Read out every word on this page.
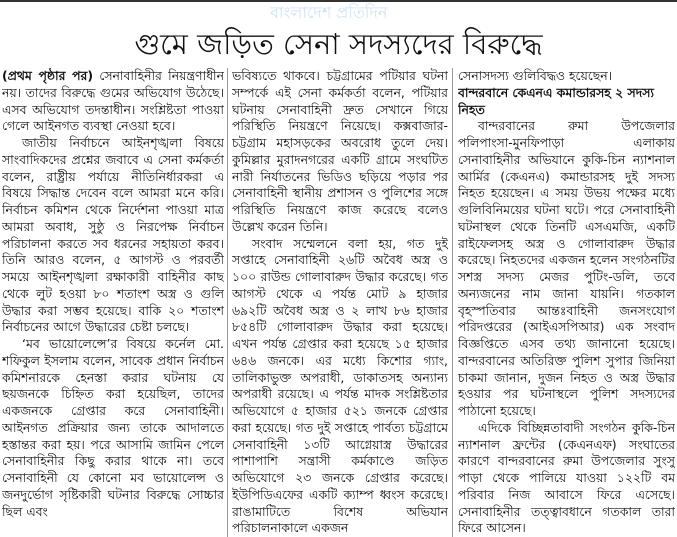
বাংলাদেশ প্রতিদিন
গুমে জড়িত সেনা সদস্যদের বিরুদ্ধে

(প্রথম পৃষ্ঠার পর) সেনাবাহিনীর নিয়ন্ত্রণাধীন নয়। তাদের বিরুদ্ধে গুমের অভিযোগ উঠেছে। এসব অভিযোগ তদন্তাধীন। সংশ্লিষ্টতা পাওয়া গেলে আইনগত ব্যবস্থা নেওয়া হবে।

জাতীয় নির্বাচনে আইনশৃঙ্খলা বিষয়ে সাংবাদিকদের প্রশ্নের জবাবে এ সেনা কর্মকর্তা বলেন, রাষ্ট্রীয় পর্যায়ে নীতিনির্ধারকরা এ বিষয়ে সিদ্ধান্ত দেবেন বলে আমরা মনে করি। নির্বাচন কমিশন থেকে নির্দেশনা পাওয়া মাত্র আমরা অবাধ, সুষ্ঠু ও নিরপেক্ষ নির্বাচন পরিচালনা করতে সব ধরনের সহায়তা করব। তিনি আরও বলেন, ৫ আগস্ট ও পরবর্তী সময়ে আইনশৃঙ্খলা রক্ষাকারী বাহিনীর কাছ থেকে লুট হওয়া ৮০ শতাংশ অস্ত্র ও গুলি উদ্ধার করা সম্ভব হয়েছে। বাকি ২০ শতাংশ নির্বাচনের আগে উদ্ধারের চেষ্টা চলছে।

‘মব ভায়োলেন্সে’র বিষয়ে কর্নেল মো. শফিকুল ইসলাম বলেন, সাবেক প্রধান নির্বাচন কমিশনারকে হেনস্তা করার ঘটনায় যে ছয়জনকে চিহ্নিত করা হয়েছিল, তাদের একজনকে গ্রেপ্তার করে সেনাবাহিনী। আইনগত প্রক্রিয়ার জন্য তাকে আদালতে হস্তান্তর করা হয়। পরে আসামি জামিন পেলে সেনাবাহিনীর কিছু করার থাকে না। তবে সেনাবাহিনী যে কোনো মব ভায়োলেন্স ও জনদুর্ভোগ সৃষ্টিকারী ঘটনার বিরুদ্ধে সোচ্চার ছিল এবং

ভবিষ্যতে থাকবে। চট্টগ্রামের পটিয়ার ঘটনা সম্পর্কে এই সেনা কর্মকর্তা বলেন, পটিয়ার ঘটনায় সেনাবাহিনী দ্রুত সেখানে গিয়ে পরিস্থিতি নিয়ন্ত্রণে নিয়েছে। কক্সবাজার-চট্টগ্রাম মহাসড়কের অবরোধ তুলে দেয়। কুমিল্লার মুরাদনগরের একটি গ্রামে সংঘটিত নারী নির্যাতনের ভিডিও ছড়িয়ে পড়ার পর সেনাবাহিনী স্থানীয় প্রশাসন ও পুলিশের সঙ্গে পরিস্থিতি নিয়ন্ত্রণে কাজ করেছে বলেও উল্লেখ করেন তিনি।

সংবাদ সম্মেলনে বলা হয়, গত দুই সপ্তাহে সেনাবাহিনী ২৬টি অবৈধ অস্ত্র ও ১০০ রাউন্ড গোলাবারুদ উদ্ধার করেছে। গত আগস্ট থেকে এ পর্যন্ত মোট ৯ হাজার ৬৯২টি অবৈধ অস্ত্র ও ২ লাখ ৮৬ হাজার ৮৫৪টি গোলাবারুদ উদ্ধার করা হয়েছে। এখন পর্যন্ত গ্রেপ্তার করা হয়েছে ১৫ হাজার ৬৪৬ জনকে। এর মধ্যে কিশোর গ্যাং, তালিকাভুক্ত অপরাধী, ডাকাতসহ অন্যান্য অপরাধী রয়েছে। এ পর্যন্ত মাদক সংশ্লিষ্টতার অভিযোগে ৫ হাজার ৫২১ জনকে গ্রেপ্তার করা হয়েছে। গত দুই সপ্তাহে পার্বত্য চট্টগ্রামে সেনাবাহিনী ১৩টি আগ্নেয়াস্ত্র উদ্ধারের পাশাপাশি সন্ত্রাসী কর্মকাণ্ডে জড়িত অভিযোগে ২৩ জনকে গ্রেপ্তার করেছে। ইউপিডিএফের একটি ক্যাম্প ধ্বংস করেছে। রাঙামাটিতে বিশেষ অভিযান পরিচালনাকালে একজন

সেনাসদস্য গুলিবিদ্ধও হয়েছেন।

বান্দরবানে কেএনএ কমান্ডারসহ ২ সদস্য নিহত

বান্দরবানের রুমা উপজেলার পলিপাংসা-মুনফিপাড়া এলাকায় সেনাবাহিনীর অভিযানে কুকি-চিন ন্যাশনাল আর্মির (কেএনএ) কমান্ডারসহ দুই সদস্য নিহত হয়েছেন। এ সময় উভয় পক্ষের মধ্যে গুলিবিনিময়ের ঘটনা ঘটে। পরে সেনাবাহিনী ঘটনাস্থল থেকে তিনটি এসএমজি, একটি রাইফেলসহ অস্ত্র ও গোলাবারুদ উদ্ধার করেছে। নিহতদের একজন হলেন সংগঠনটির সশস্ত্র সদস্য মেজর পুটিং-ডলি, তবে অন্যজনের নাম জানা যায়নি। গতকাল বৃহস্পতিবার আন্তঃবাহিনী জনসংযোগ পরিদপ্তরের (আইএসপিআর) এক সংবাদ বিজ্ঞপ্তিতে এসব তথ্য জানানো হয়েছে। বান্দরবানের অতিরিক্ত পুলিশ সুপার জিনিয়া চাকমা জানান, দুজন নিহত ও অস্ত্র উদ্ধার হওয়ার পর ঘটনাস্থলে পুলিশ সদস্যদের পাঠানো হয়েছে।

এদিকে বিচ্ছিন্নতাবাদী সংগঠন কুকি-চিন ন্যাশনাল ফ্রন্টের (কেএনএফ) সংঘাতের কারণে বান্দরবানের রুমা উপজেলার সুংসু পাড়া থেকে পালিয়ে যাওয়া ১২২টি বম পরিবার নিজ আবাসে ফিরে এসেছে। সেনাবাহিনীর তত্ত্বাবধানে গতকাল তারা ফিরে আসেন।
